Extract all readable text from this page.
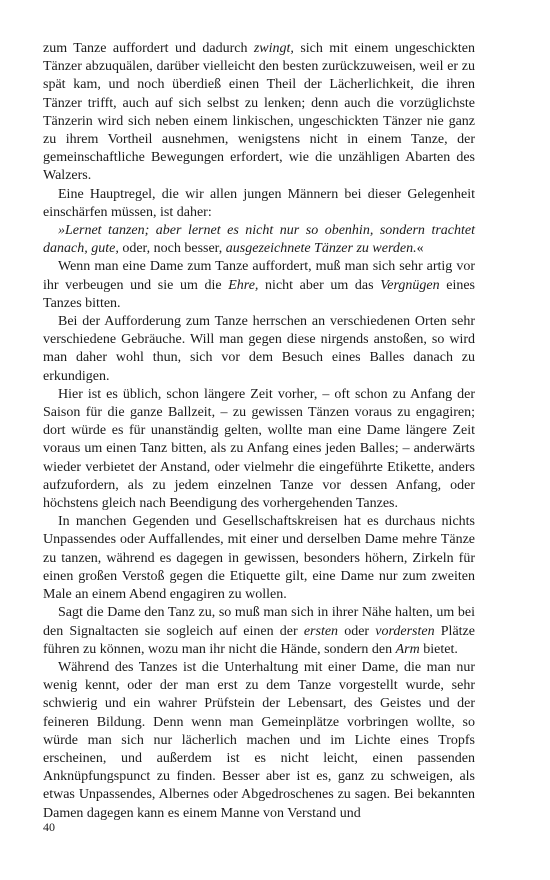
zum Tanze auffordert und dadurch zwingt, sich mit einem ungeschickten Tänzer abzuquälen, darüber vielleicht den besten zurückzuweisen, weil er zu spät kam, und noch überdieß einen Theil der Lächerlichkeit, die ihren Tänzer trifft, auch auf sich selbst zu lenken; denn auch die vorzüglichste Tänzerin wird sich neben einem linkischen, ungeschickten Tänzer nie ganz zu ihrem Vortheil ausnehmen, wenigstens nicht in einem Tanze, der gemeinschaftliche Bewegungen erfordert, wie die unzähligen Abarten des Walzers.

Eine Hauptregel, die wir allen jungen Männern bei dieser Gelegenheit einschärfen müssen, ist daher:

»Lernet tanzen; aber lernet es nicht nur so obenhin, sondern trachtet danach, gute, oder, noch besser, ausgezeichnete Tänzer zu werden.«

Wenn man eine Dame zum Tanze auffordert, muß man sich sehr artig vor ihr verbeugen und sie um die Ehre, nicht aber um das Vergnügen eines Tanzes bitten.

Bei der Aufforderung zum Tanze herrschen an verschiedenen Orten sehr verschiedene Gebräuche. Will man gegen diese nirgends anstoßen, so wird man daher wohl thun, sich vor dem Besuch eines Balles danach zu erkundigen.

Hier ist es üblich, schon längere Zeit vorher, – oft schon zu Anfang der Saison für die ganze Ballzeit, – zu gewissen Tänzen voraus zu engagiren; dort würde es für unanständig gelten, wollte man eine Dame längere Zeit voraus um einen Tanz bitten, als zu Anfang eines jeden Balles; – anderwärts wieder verbietet der Anstand, oder vielmehr die eingeführte Etikette, anders aufzufordern, als zu jedem einzelnen Tanze vor dessen Anfang, oder höchstens gleich nach Beendigung des vorhergehenden Tanzes.

In manchen Gegenden und Gesellschaftskreisen hat es durchaus nichts Unpassendes oder Auffallendes, mit einer und derselben Dame mehre Tänze zu tanzen, während es dagegen in gewissen, besonders höhern, Zirkeln für einen großen Verstoß gegen die Etiquette gilt, eine Dame nur zum zweiten Male an einem Abend engagiren zu wollen.

Sagt die Dame den Tanz zu, so muß man sich in ihrer Nähe halten, um bei den Signaltacten sie sogleich auf einen der ersten oder vordersten Plätze führen zu können, wozu man ihr nicht die Hände, sondern den Arm bietet.

Während des Tanzes ist die Unterhaltung mit einer Dame, die man nur wenig kennt, oder der man erst zu dem Tanze vorgestellt wurde, sehr schwierig und ein wahrer Prüfstein der Lebensart, des Geistes und der feineren Bildung. Denn wenn man Gemeinplätze vorbringen wollte, so würde man sich nur lächerlich machen und im Lichte eines Tropfs erscheinen, und außerdem ist es nicht leicht, einen passenden Anknüpfungspunct zu finden. Besser aber ist es, ganz zu schweigen, als etwas Unpassendes, Albernes oder Abgedroschenes zu sagen. Bei bekannten Damen dagegen kann es einem Manne von Verstand und

40
